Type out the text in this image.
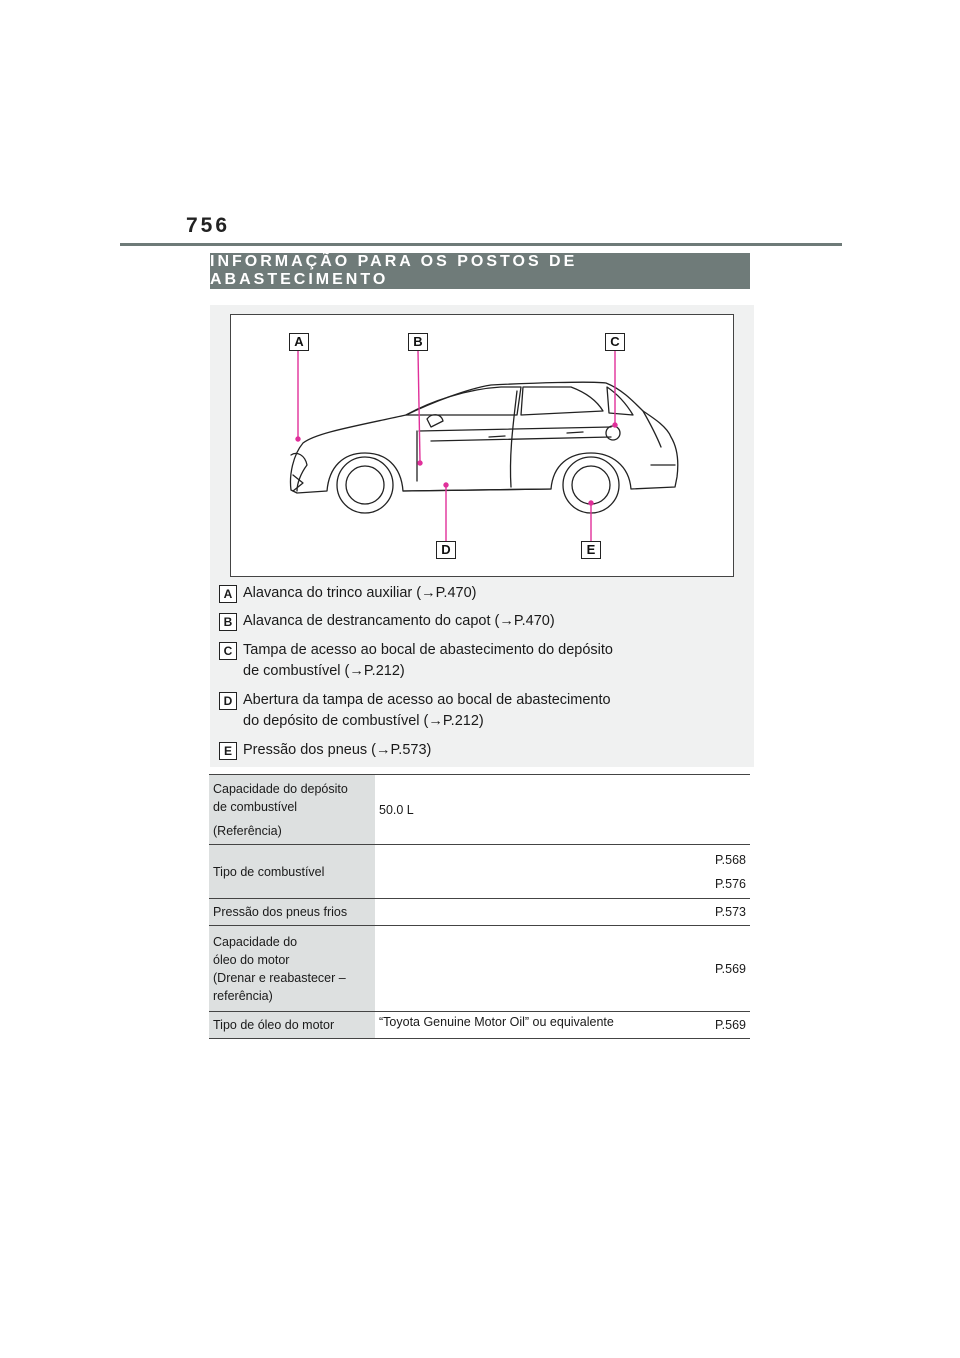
756
INFORMAÇÃO PARA OS POSTOS DE ABASTECIMENTO
A	B	C
D	E
A Alavanca do trinco auxiliar (→P.470)
B Alavanca de destrancamento do capot (→P.470)
C Tampa de acesso ao bocal de abastecimento do depósito
de combustível (→P.212)
D Abertura da tampa de acesso ao bocal de abastecimento
do depósito de combustível (→P.212)
E Pressão dos pneus (→P.573)
Capacidade do depósito
de combustível
(Referência)	50.0 L
Tipo de combustível	P.568
P.576

Pressão dos pneus frios	P.573

Capacidade do
óleo do motor
(Drenar e reabastecer –
referência)	P.569

Tipo de óleo do motor	“Toyota Genuine Motor Oil” ou equivalente P.569
